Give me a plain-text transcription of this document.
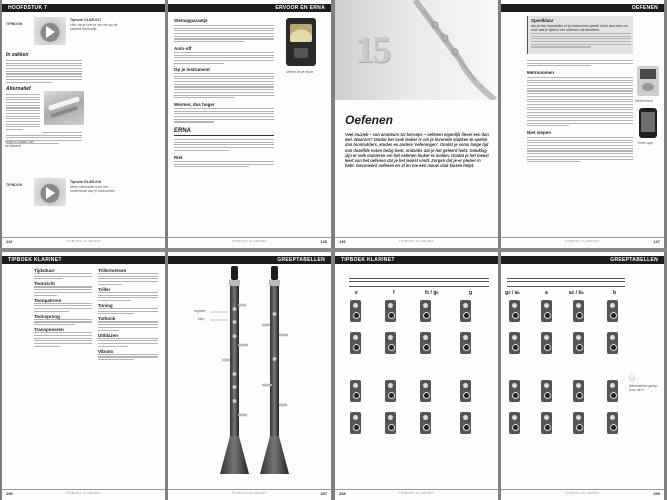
HOOFDSTUK 7
TIPBOOK
Tipcode KLAR-017
Hier zie je hoe je het riet op de klarinet bevestigt.
In zakken
Alternatief
de klarinet
TIPBOOK
Tipcode KLAR-018
Meer informatie over het onderhoud van je instrument.
116	TIPBOOK KLARINET
ERVOOR EN ERNA
Stemapparaatje
Meten tot je drukt
Auto-off
Op je instrument
Wermer, dus hoger
ERNA
Riet
TIPBOOK KLARINET	135
15
Oefenen
Veel muziek – van amateurs tot beroeps – oefenen eigenlijk liever een dan wel. Waarom? Omdat het vaak leuker is om je favoriete stukken te spelen dan toonladders, etudes en andere 'oefeningen'. Omdat je soms lange tijd met dezelfde noten bezig bent, ondanks dat je het geleerd hebt. Gelukkig zijn er vele manieren om het oefenen leuker te maken. Omdat je het meest leert van het oefenen dat je het leukst vindt. Zorgen dat je er plezier in hebt. Gevarieerd oefenen en af en toe een nieuw stuk kiezen helpt.
136	TIPBOOK KLARINET
OEFENEN
Speelklaar
Als je een klarinetles of je instrument speelt, denk dan eens na over wat je tijdens het oefenen wilt bereiken.
Metronomen
Niet slepen
Metronoom
Tuner-app
TIPBOOK KLARINET	137
TIPBOEK KLARINET
Tijdsduur
Toonzicht
Toonpatroon
Toonsprong
Transponeren
Trillertoetsen
Triller
Tuning
Tuthook
Uitblazen
Vibrato
256	TIPBOOK KLARINET
GREEPTABELLEN
register
klep
TIPBOOK KLARINET	257
TIPBOEK KLARINET
e	f	f♯ / g♭	g
258	TIPBOOK KLARINET
GREEPTABELLEN
g♯ / a♭	a	a♯ / b♭	b
ⓘ
Alternatieve greep voor de b
TIPBOOK KLARINET	259
